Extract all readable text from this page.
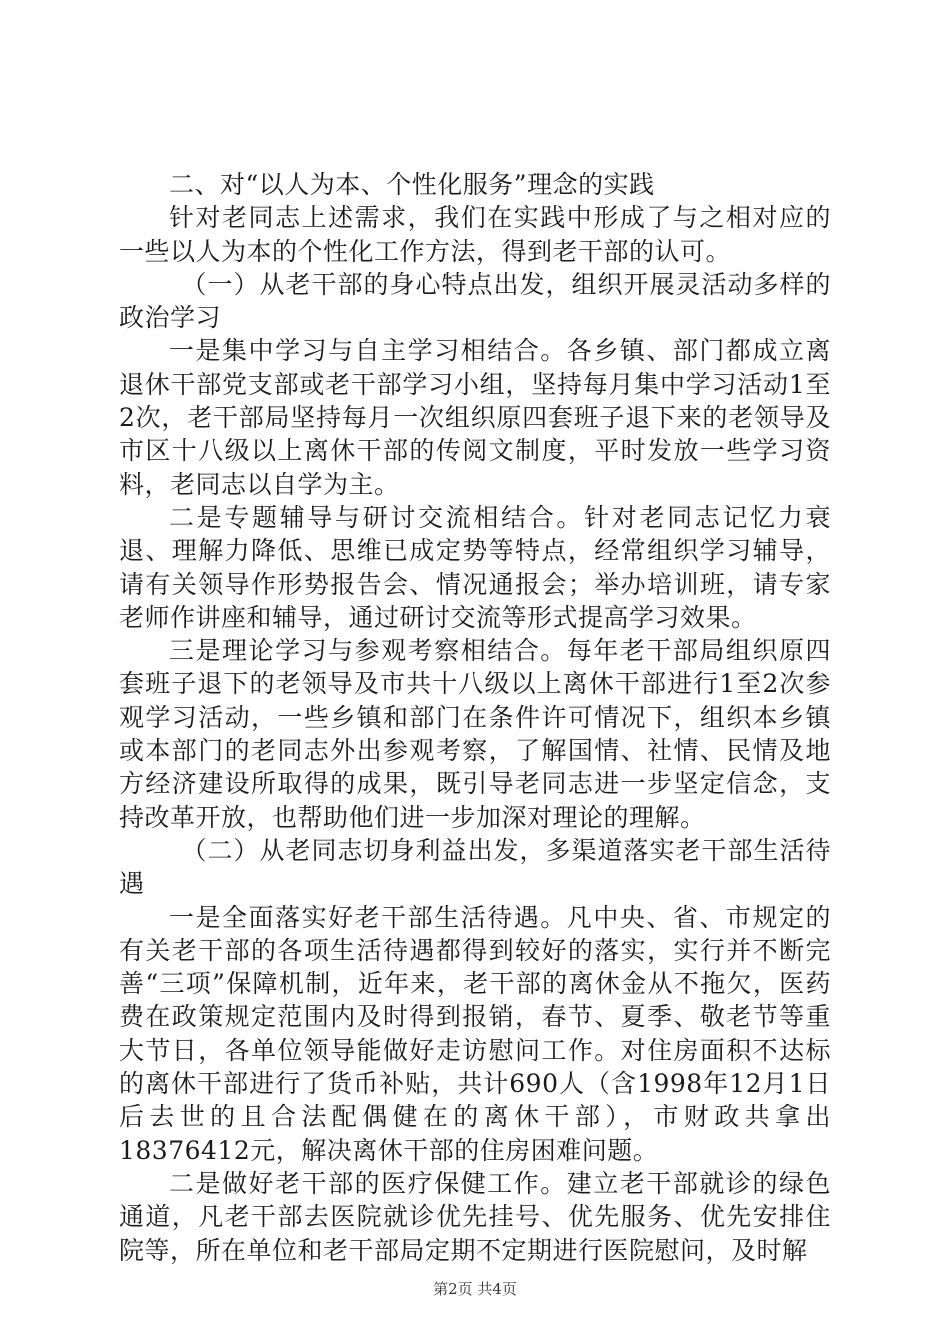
二、对“以人为本、个性化服务”理念的实践

针对老同志上述需求，我们在实践中形成了与之相对应的一些以人为本的个性化工作方法，得到老干部的认可。

（一）从老干部的身心特点出发，组织开展灵活动多样的政治学习

一是集中学习与自主学习相结合。各乡镇、部门都成立离退休干部党支部或老干部学习小组，坚持每月集中学习活动1至2次，老干部局坚持每月一次组织原四套班子退下来的老领导及市区十八级以上离休干部的传阅文制度，平时发放一些学习资料，老同志以自学为主。

二是专题辅导与研讨交流相结合。针对老同志记忆力衰退、理解力降低、思维已成定势等特点，经常组织学习辅导，请有关领导作形势报告会、情况通报会；举办培训班，请专家老师作讲座和辅导，通过研讨交流等形式提高学习效果。

三是理论学习与参观考察相结合。每年老干部局组织原四套班子退下的老领导及市共十八级以上离休干部进行1至2次参观学习活动，一些乡镇和部门在条件许可情况下，组织本乡镇或本部门的老同志外出参观考察，了解国情、社情、民情及地方经济建设所取得的成果，既引导老同志进一步坚定信念，支持改革开放，也帮助他们进一步加深对理论的理解。

（二）从老同志切身利益出发，多渠道落实老干部生活待遇

一是全面落实好老干部生活待遇。凡中央、省、市规定的有关老干部的各项生活待遇都得到较好的落实，实行并不断完善“三项”保障机制，近年来，老干部的离休金从不拖欠，医药费在政策规定范围内及时得到报销，春节、夏季、敬老节等重大节日，各单位领导能做好走访慰问工作。对住房面积不达标的离休干部进行了货币补贴，共计690人（含1998年12月1日后去世的且合法配偶健在的离休干部），市财政共拿出18376412元，解决离休干部的住房困难问题。

二是做好老干部的医疗保健工作。建立老干部就诊的绿色通道，凡老干部去医院就诊优先挂号、优先服务、优先安排住院等，所在单位和老干部局定期不定期进行医院慰问，及时解

第2页 共4页
